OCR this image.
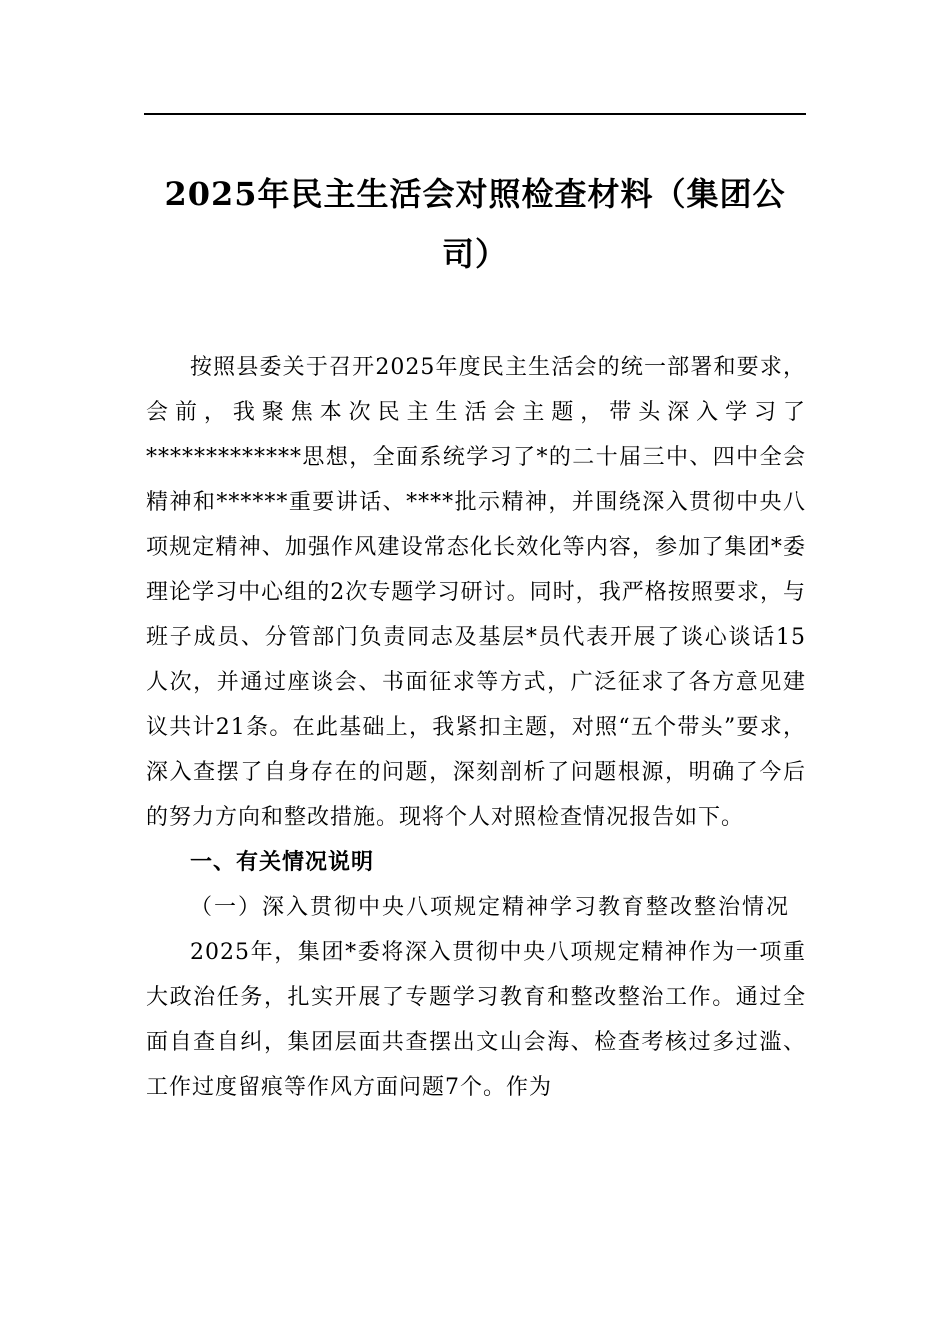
2025年民主生活会对照检查材料（集团公司）

按照县委关于召开2025年度民主生活会的统一部署和要求，会前，我聚焦本次民主生活会主题，带头深入学习了*************思想，全面系统学习了*的二十届三中、四中全会精神和******重要讲话、****批示精神，并围绕深入贯彻中央八项规定精神、加强作风建设常态化长效化等内容，参加了集团*委理论学习中心组的2次专题学习研讨。同时，我严格按照要求，与班子成员、分管部门负责同志及基层*员代表开展了谈心谈话15人次，并通过座谈会、书面征求等方式，广泛征求了各方意见建议共计21条。在此基础上，我紧扣主题，对照“五个带头”要求，深入查摆了自身存在的问题，深刻剖析了问题根源，明确了今后的努力方向和整改措施。现将个人对照检查情况报告如下。

一、有关情况说明

（一）深入贯彻中央八项规定精神学习教育整改整治情况

2025年，集团*委将深入贯彻中央八项规定精神作为一项重大政治任务，扎实开展了专题学习教育和整改整治工作。通过全面自查自纠，集团层面共查摆出文山会海、检查考核过多过滥、工作过度留痕等作风方面问题7个。作为
